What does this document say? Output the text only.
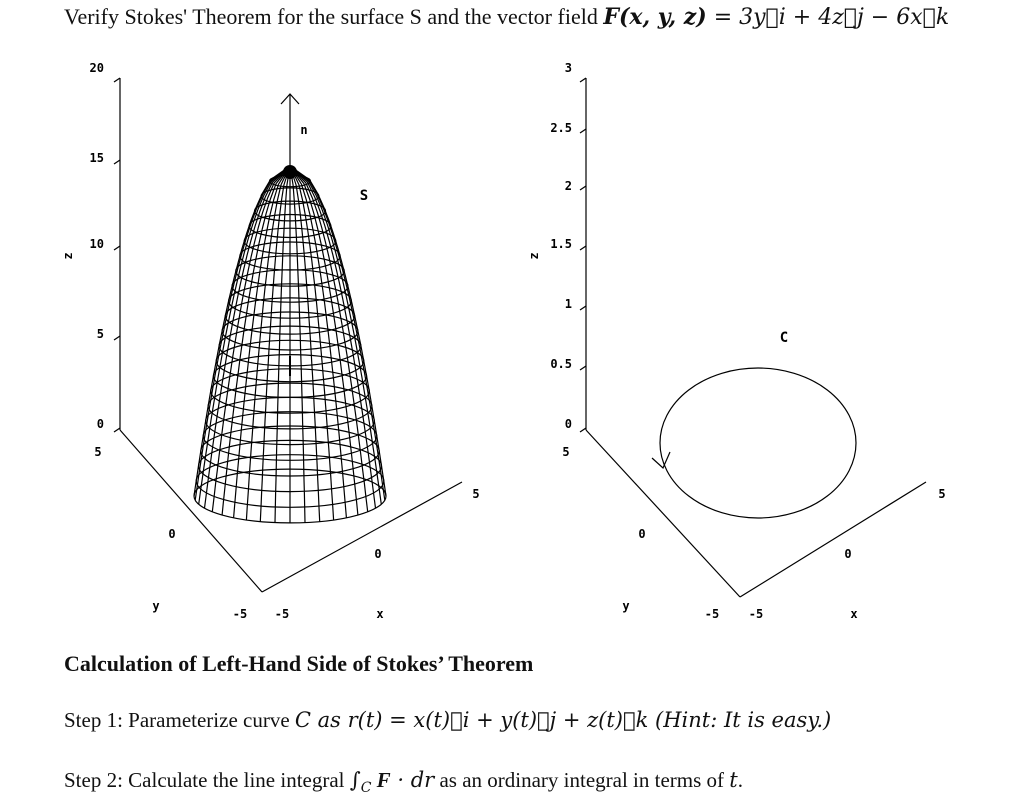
Verify Stokes' Theorem for the surface S and the vector field F(x, y, z) = 3y⃗i + 4z⃗j − 6x⃗k
20
15
10
5
0
z
5
0
-5
y
-5
0
5
x
S
n
3
2.5
2
1.5
1
0.5
0
z
5
0
-5
y
-5
0
5
x
C
Calculation of Left-Hand Side of Stokes’ Theorem
Step 1: Parameterize curve C as r(t) = x(t)⃗i + y(t)⃗j + z(t)⃗k (Hint: It is easy.)
Step 2: Calculate the line integral $\int_C$ F · dr as an ordinary integral in terms of t.
